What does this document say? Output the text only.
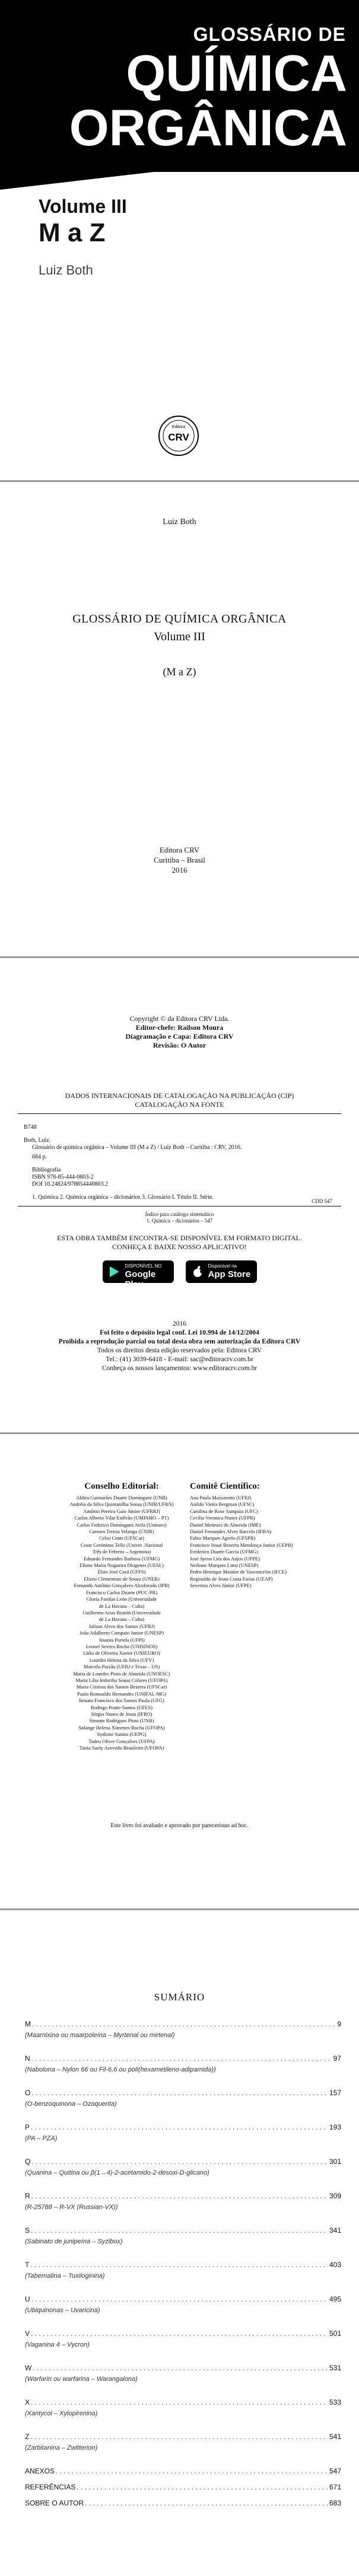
GLOSSÁRIO DE
QUÍMICA
ORGÂNICA
Volume III
M a Z
Luiz Both
Editora
CRV
Luiz Both
GLOSSÁRIO DE QUÍMICA ORGÂNICA
Volume III
(M a Z)
Editora CRV
Curitiba – Brasil
2016
Copyright © da Editora CRV Ltda.
Editor-chefe: Railson Moura
Diagramação e Capa: Editora CRV
Revisão: O Autor
DADOS INTERNACIONAIS DE CATALOGAÇÃO NA PUBLICAÇÃO (CIP)
CATALOGAÇÃO NA FONTE

B748

Both, Luiz.

Glossário de química orgânica – Volume III (M a Z) / Luiz Both – Curitiba : CRV, 2016.

684 p.

Bibliografia

ISBN 978-85-444-0803-2

DOI 10.24824/978854440803.2

1. Química 2. Química orgânica – dicionários 3. Glossário I. Título II. Série.

CDD 547
Índice para catálogo sistemático
1. Química – dicionários – 547
ESTA OBRA TAMBÉM ENCONTRA-SE DISPONÍVEL EM FORMATO DIGITAL.
CONHEÇA E BAIXE NOSSO APLICATIVO!
DISPONÍVEL NO
Google Play

Disponível na
App Store
2016
Foi feito o depósito legal conf. Lei 10.994 de 14/12/2004
Proibida a reprodução parcial ou total desta obra sem autorização da Editora CRV
Todos os direitos desta edição reservados pela: Editora CRV
Tel.: (41) 3039-6418 - E-mail: sac@editoracrv.com.br
Conheça os nossos lançamentos: www.editoracrv.com.br
Conselho Editorial:	Comitê Científico:
Aldira Guimarães Duarte Domínguez (UNB)
Andréia da Silva Quintanilha Sousa (UNIR/UFRN)
Antônio Pereira Gaio Júnior (UFRRJ)
Carlos Alberto Vilar Estêvão (UMINHO – PT)
Carlos Federico Dominguez Avila (Unieuro)
Carmen Tereza Velanga (UNIR)
Celso Conti (UFSCar)
Cesar Gerónimo Tello (Univer .Nacional
Três de Febrero – Argentina)
Eduardo Fernandes Barbosa (UFMG)
Elione Maria Nogueira Diogenes (UFAL)
Élsio José Corá (UFFS)
Elizeu Clementino de Souza (UNEB)
Fernando Antônio Gonçalves Alcoforado (IPB)
Francisco Carlos Duarte (PUC-PR)
Gloria Fariñas León (Universidade
de La Havana – Cuba)
Guillermo Arias Beatón (Universidade
de La Havana – Cuba)
Jailson Alves dos Santos (UFRJ)
João Adalberto Campato Junior (UNESP)
Josania Portela (UFPI)
Leonel Severo Rocha (UNISINOS)
Lídia de Oliveira Xavier (UNIEURO)
Lourdes Helena da Silva (UFV)
Marcelo Paixão (UFRJ e Texas – US)
Maria de Lourdes Pinto de Almeida (UNOESC)
Maria Lília Imbiriba Sousa Colares (UFOPA)
Maria Cristina dos Santos Bezerra (UFSCar)
Paulo Romualdo Hernandes (UNIFAL-MG)
Renato Francisco dos Santos Paula (UFG)
Rodrigo Pratte-Santos (UFES)
Sérgio Nunes de Jesus (IFRO)
Simone Rodrigues Pinto (UNB)
Solange Helena Ximenes-Rocha (UFOPA)
Sydione Santos (UEPG)
Tadeu Oliver Gonçalves (UFPA)
Tania Suely Azevedo Brasileiro (UFOPA)
Ana Paula Mazzarotto (UFRJ)
Anildo Vieira Bergman (UFSC)
Carolina de Rose Sampaio (UFC)
Cecília Veronica Nunez (UFPR)
Daniel Menezes de Almeida (IME)
Daniel Fernandes Alves Barcelo (IFBA)
Fabio Marques Agrelo (UFSPR)
Francisco Josué Bezerra Mendonça Junior (UEPB)
Frederico Duarte Garcia (UFMG)
José Ayron Lira dos Anjos (UFPE)
Neiliane Marques Lima (UNESP)
Pedro Henrique Mainier de Vasconcelos (IFCE)
Reginaldo de Jesus Costa Farias (UEAP)
Severino Alves Júnior (UFPE)
Este livro foi avaliado e aprovado por pareceristas ad hoc.
SUMÁRIO
M . . .	9
(Maarnixina ou maarpoleína – Myrtenal ou mirtenal)
N . . .	97
(Nabolona – Nylon 66 ou Fil-6,6 ou poli(hexametileno-adipamida))
O . . .	157
(O-benzoquinona – Ozoquerita)
P . . .	193
(PA – PZA)
Q . . .	301
(Quanina – Quitina ou β(1→4)-2-acetamido-2-desoxi-D-glicano)
R . . .	309
(R-25788 – R-VX (Russian-VX))
S . . .	341
(Sabinato de junipeína – Syzibox)
T . . .	403
(Tabernalina – Tuxiloginina)
U . . .	495
(Ubiquinonas – Uvaricina)
V . . .	501
(Vaganina 4 – Vycron)
W . . .	531
(Warfarin ou warfarina – Warangalona)
X . . .	533
(Xantycol – Xylopirenina)
Z . . .	541
(Zarbitanina – Zwitterion)
ANEXOS . . .	547
REFERÊNCIAS . . .	671
SOBRE O AUTOR . . .	683
